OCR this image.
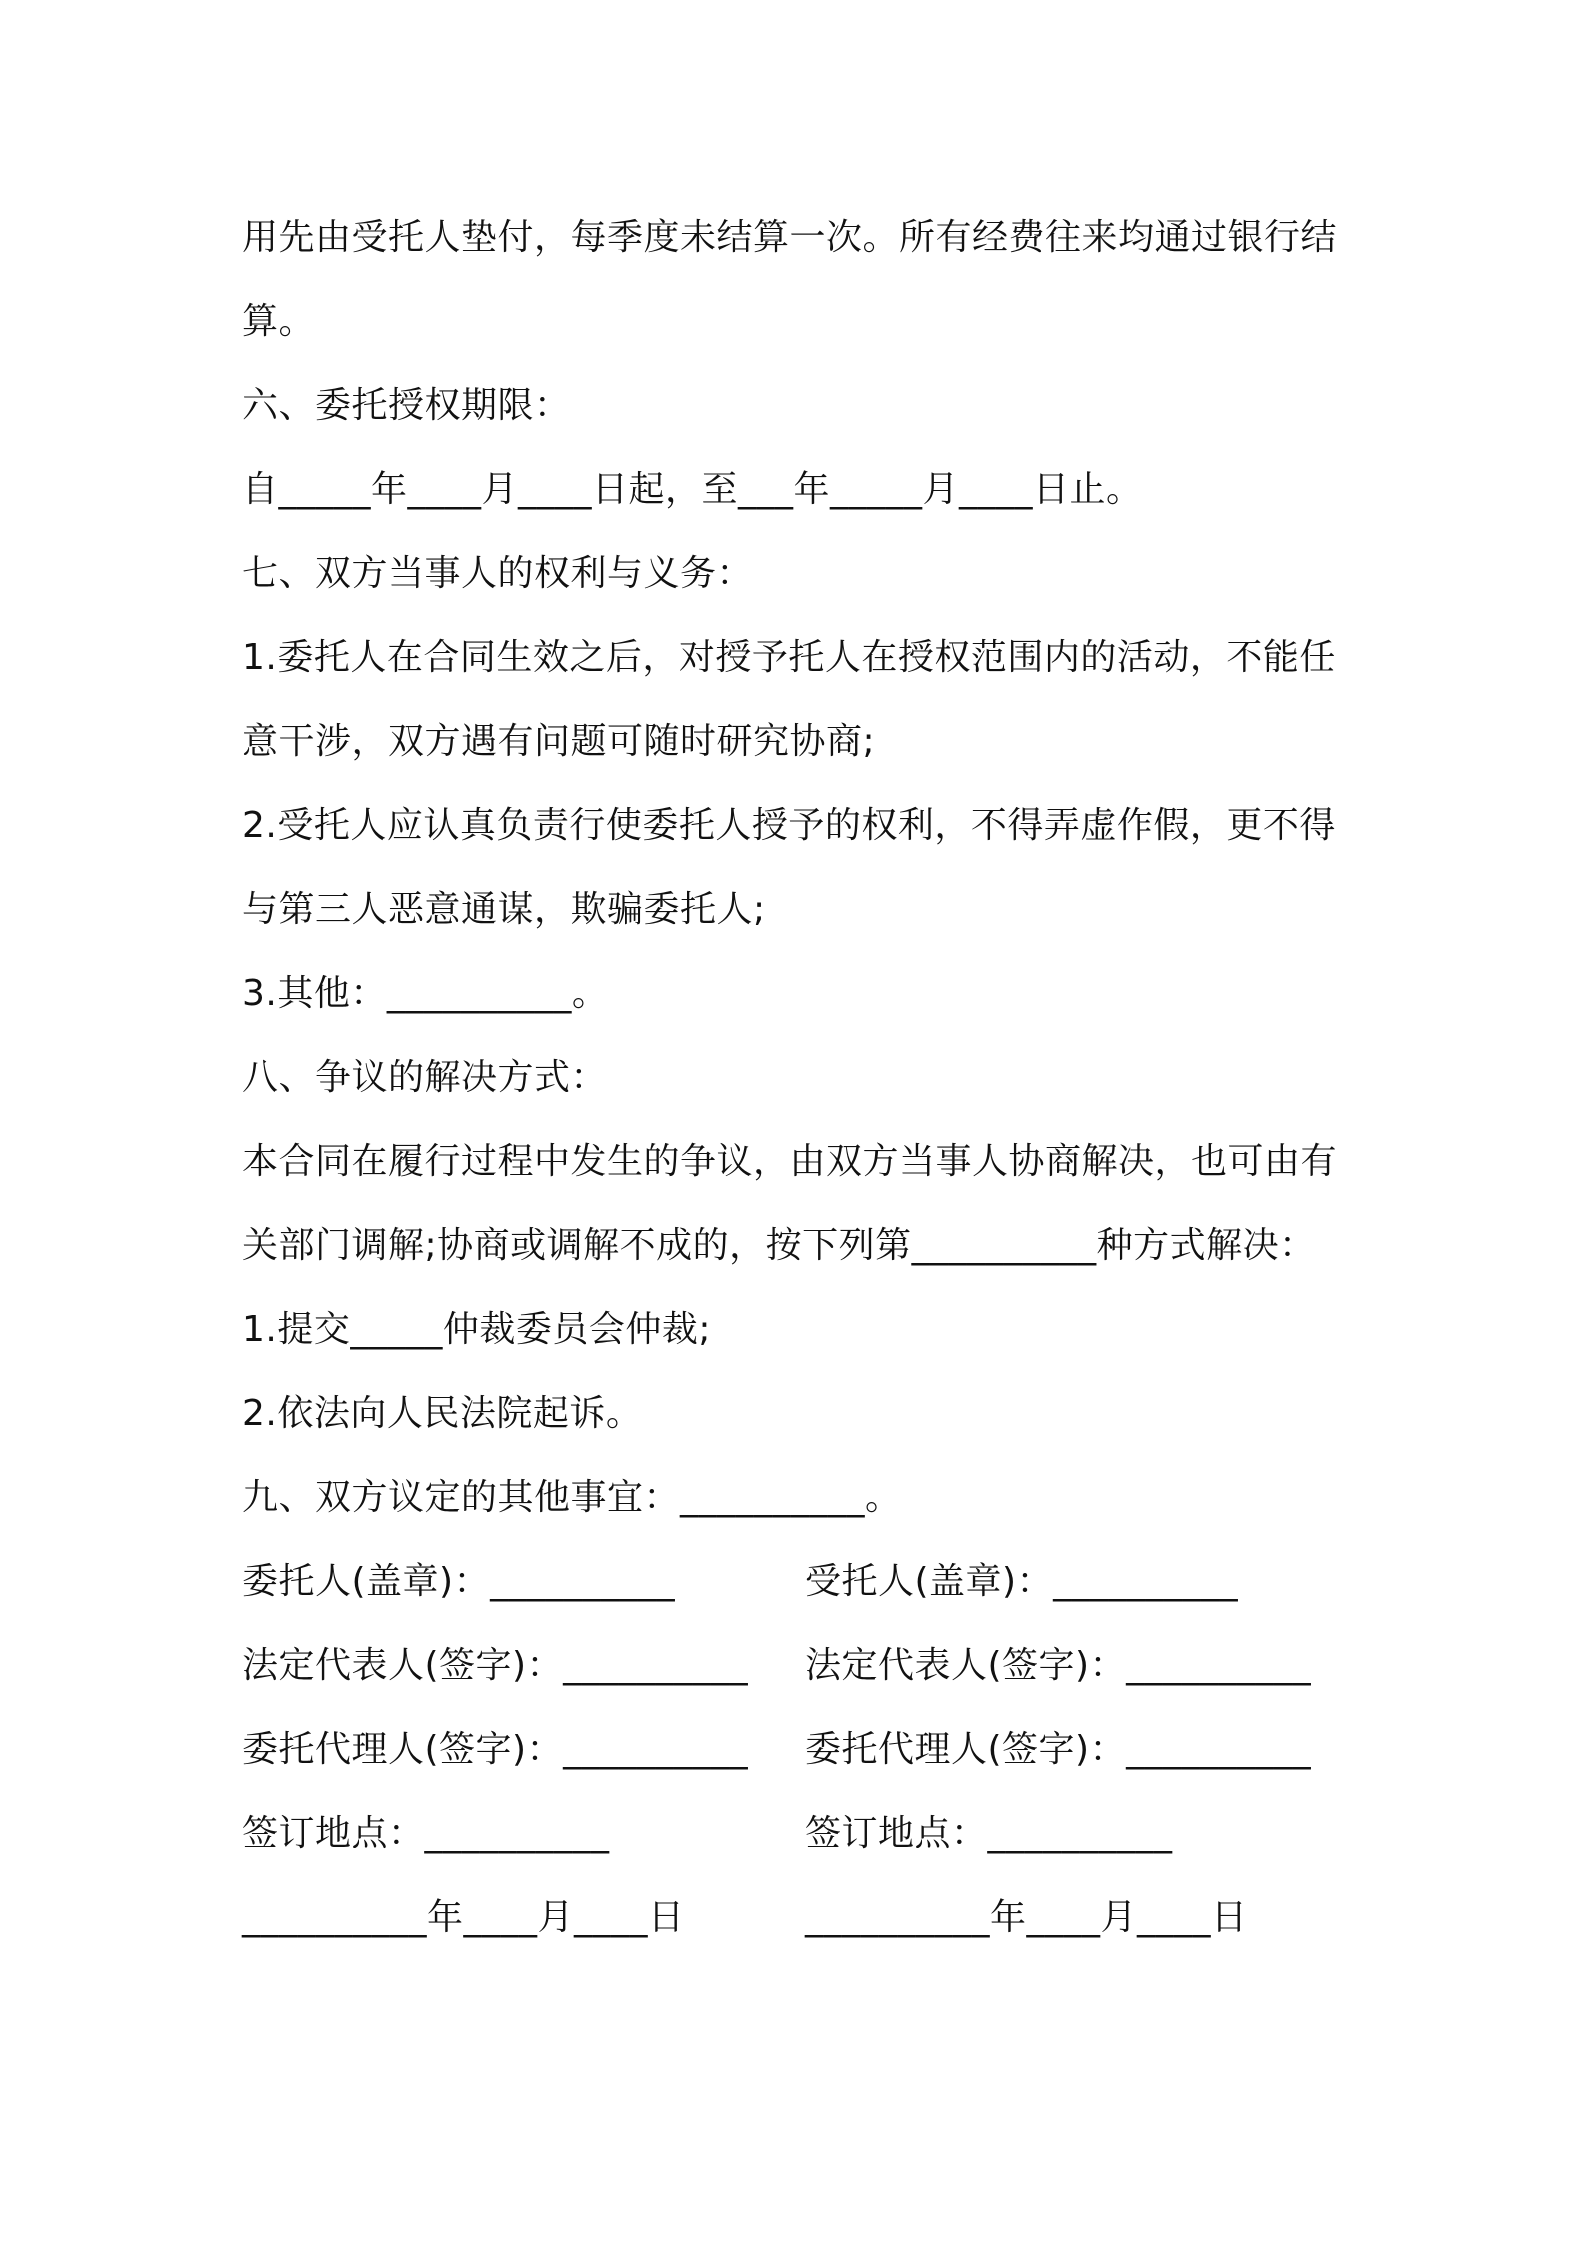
用先由受托人垫付，每季度未结算一次。所有经费往来均通过银行结
算。
六、委托授权期限：
自_____年____月____日起，至___年_____月____日止。
七、双方当事人的权利与义务：
1.委托人在合同生效之后，对授予托人在授权范围内的活动，不能任
意干涉，双方遇有问题可随时研究协商;
2.受托人应认真负责行使委托人授予的权利，不得弄虚作假，更不得
与第三人恶意通谋，欺骗委托人;
3.其他：__________。
八、争议的解决方式：
本合同在履行过程中发生的争议，由双方当事人协商解决，也可由有
关部门调解;协商或调解不成的，按下列第__________种方式解决：
1.提交_____仲裁委员会仲裁;
2.依法向人民法院起诉。
九、双方议定的其他事宜：__________。
委托人(盖章)：__________	受托人(盖章)：__________
法定代表人(签字)：__________	法定代表人(签字)：__________
委托代理人(签字)：__________	委托代理人(签字)：__________
签订地点：__________	签订地点：__________
__________年____月____日	__________年____月____日
